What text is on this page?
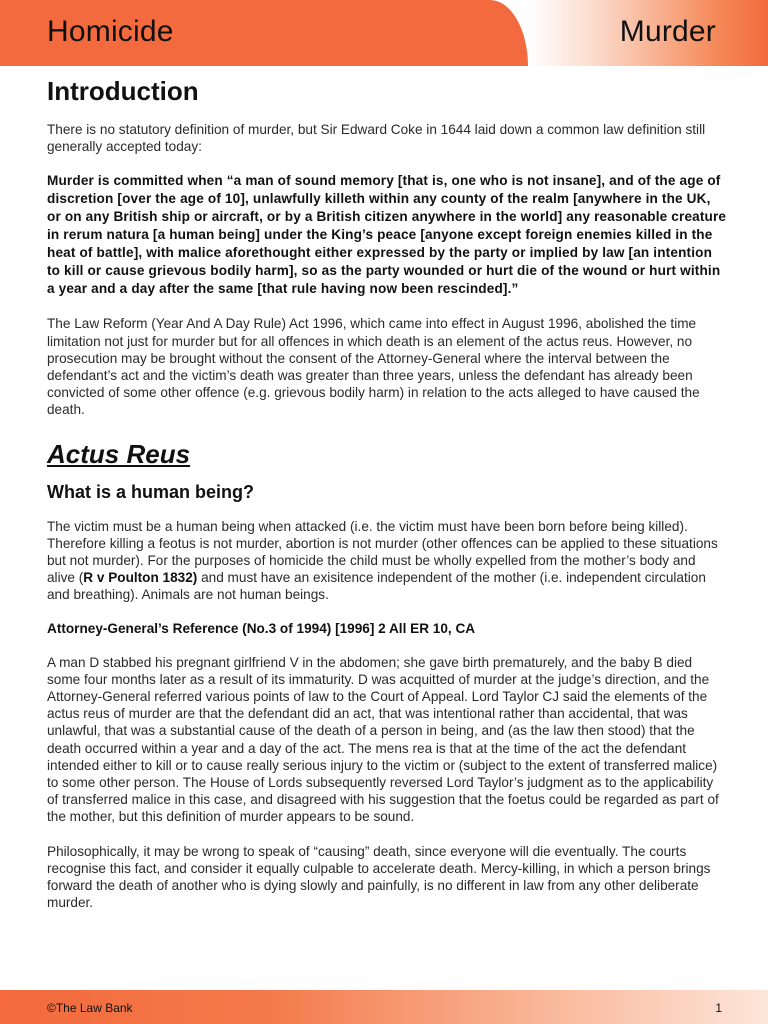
Homicide	Murder
Introduction

There is no statutory definition of murder, but Sir Edward Coke in 1644 laid down a common law definition still generally accepted today:

Murder is committed when “a man of sound memory [that is, one who is not insane], and of the age of discretion [over the age of 10], unlawfully killeth within any county of the realm [anywhere in the UK, or on any British ship or aircraft, or by a British citizen anywhere in the world] any reasonable creature in rerum natura [a human being] under the King’s peace [anyone except foreign enemies killed in the heat of battle], with malice aforethought either expressed by the party or implied by law [an intention to kill or cause grievous bodily harm], so as the party wounded or hurt die of the wound or hurt within a year and a day after the same [that rule having now been rescinded].”

The Law Reform (Year And A Day Rule) Act 1996, which came into effect in August 1996, abolished the time limitation not just for murder but for all offences in which death is an element of the actus reus. However, no prosecution may be brought without the consent of the Attorney-General where the interval between the defendant’s act and the victim’s death was greater than three years, unless the defendant has already been convicted of some other offence (e.g. grievous bodily harm) in relation to the acts alleged to have caused the death.

Actus Reus
What is a human being?

The victim must be a human being when attacked (i.e. the victim must have been born before being killed). Therefore killing a feotus is not murder, abortion is not murder (other offences can be applied to these situations but not murder). For the purposes of homicide the child must be wholly expelled from the mother’s body and alive (R v Poulton 1832) and must have an exisitence independent of the mother (i.e. independent circulation and breathing). Animals are not human beings.

Attorney-General’s Reference (No.3 of 1994) [1996] 2 All ER 10, CA

A man D stabbed his pregnant girlfriend V in the abdomen; she gave birth prematurely, and the baby B died some four months later as a result of its immaturity. D was acquitted of murder at the judge’s direction, and the Attorney-General referred various points of law to the Court of Appeal. Lord Taylor CJ said the elements of the actus reus of murder are that the defendant did an act, that was intentional rather than accidental, that was unlawful, that was a substantial cause of the death of a person in being, and (as the law then stood) that the death occurred within a year and a day of the act. The mens rea is that at the time of the act the defendant intended either to kill or to cause really serious injury to the victim or (subject to the extent of transferred malice) to some other person. The House of Lords subsequently reversed Lord Taylor’s judgment as to the applicability of transferred malice in this case, and disagreed with his suggestion that the foetus could be regarded as part of the mother, but this definition of murder appears to be sound.

Philosophically, it may be wrong to speak of “causing” death, since everyone will die eventually. The courts recognise this fact, and consider it equally culpable to accelerate death. Mercy-killing, in which a person brings forward the death of another who is dying slowly and painfully, is no different in law from any other deliberate murder.

©The Law Bank	1
